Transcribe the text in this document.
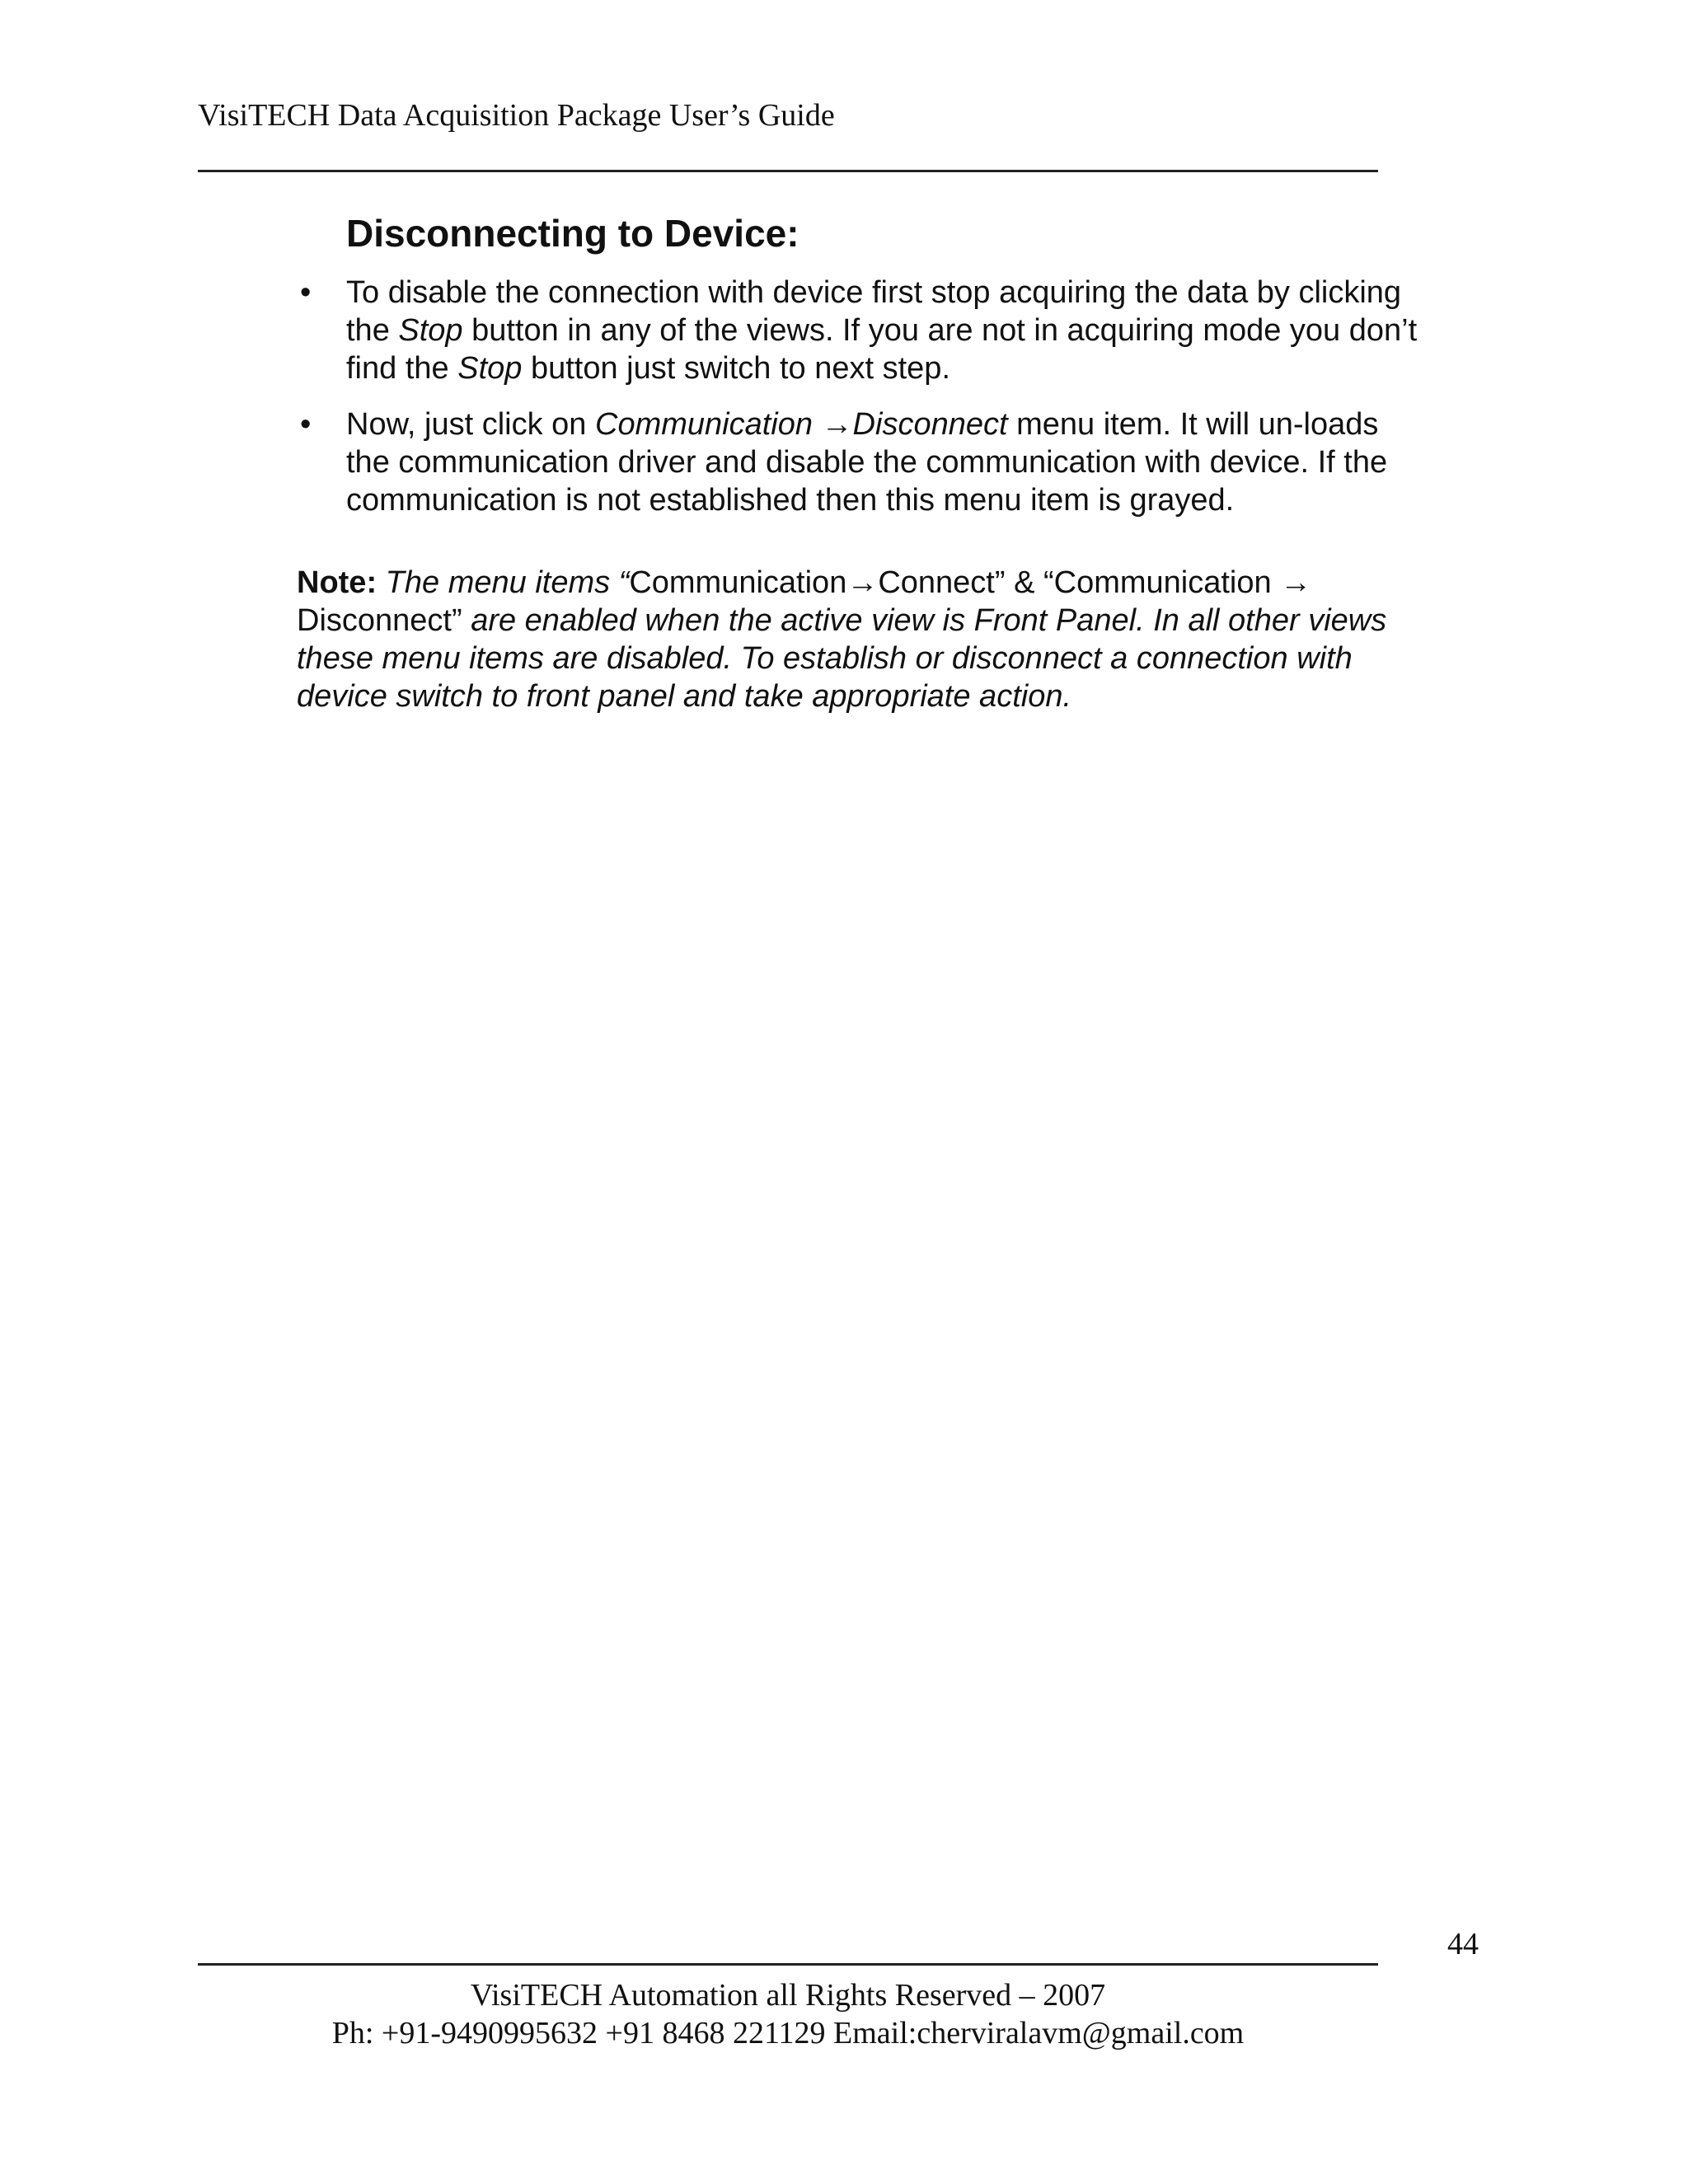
VisiTECH Data Acquisition Package User’s Guide
Disconnecting to Device:
• To disable the connection with device first stop acquiring the data by clicking
the Stop button in any of the views. If you are not in acquiring mode you don’t
find the Stop button just switch to next step.
• Now, just click on Communication →Disconnect menu item. It will un-loads
the communication driver and disable the communication with device. If the
communication is not established then this menu item is grayed.

Note: The menu items “Communication→Connect” & “Communication →
Disconnect” are enabled when the active view is Front Panel. In all other views
these menu items are disabled. To establish or disconnect a connection with
device switch to front panel and take appropriate action.

44
VisiTECH Automation all Rights Reserved – 2007
Ph: +91-9490995632 +91 8468 221129 Email:cherviralavm@gmail.com
